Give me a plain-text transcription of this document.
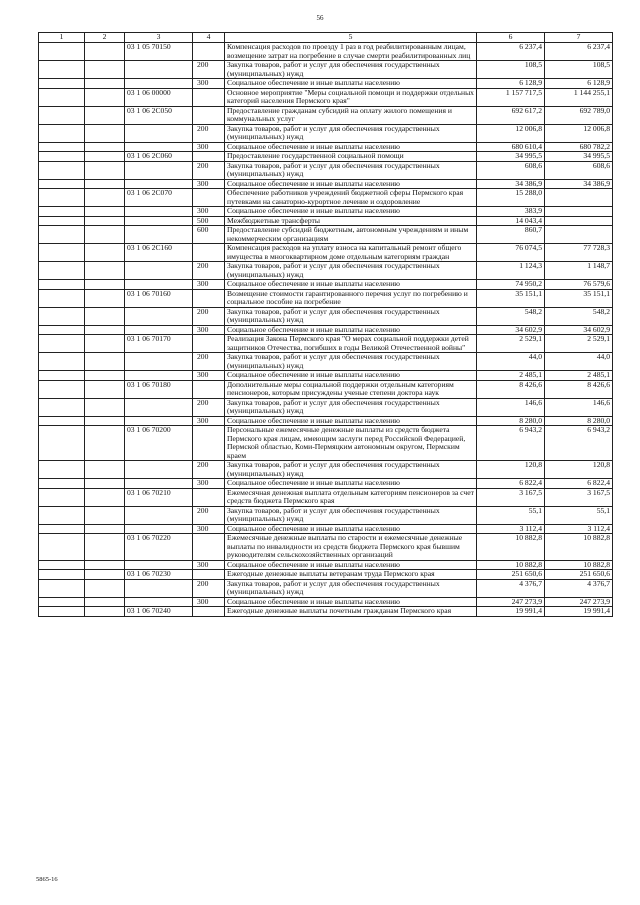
56
1	2	3	4	5	6	7
		03 1 05 70150		Компенсация расходов по проезду 1 раз в год реабилитированным лицам, возмещение затрат на погребение в случае смерти реабилитированных лиц	6 237,4	6 237,4
			200	Закупка товаров, работ и услуг для обеспечения государственных (муниципальных) нужд	108,5	108,5
			300	Социальное обеспечение и иные выплаты населению	6 128,9	6 128,9
		03 1 06 00000		Основное мероприятие "Меры социальной помощи и поддержки отдельных категорий населения Пермского края"	1 157 717,5	1 144 255,1
		03 1 06 2С050		Предоставление гражданам субсидий на оплату жилого помещения и коммунальных услуг	692 617,2	692 789,0
			200	Закупка товаров, работ и услуг для обеспечения государственных (муниципальных) нужд	12 006,8	12 006,8
			300	Социальное обеспечение и иные выплаты населению	680 610,4	680 782,2
		03 1 06 2С060		Предоставление государственной социальной помощи	34 995,5	34 995,5
			200	Закупка товаров, работ и услуг для обеспечения государственных (муниципальных) нужд	608,6	608,6
			300	Социальное обеспечение и иные выплаты населению	34 386,9	34 386,9
		03 1 06 2С070		Обеспечение работников учреждений бюджетной сферы Пермского края путевками на санаторно-курортное лечение и оздоровление	15 288,0	
			300	Социальное обеспечение и иные выплаты населению	383,9	
			500	Межбюджетные трансферты	14 043,4	
			600	Предоставление субсидий бюджетным, автономным учреждениям и иным некоммерческим организациям	860,7	
		03 1 06 2С160		Компенсация расходов на уплату взноса на капитальный ремонт общего имущества в многоквартирном доме отдельным категориям граждан	76 074,5	77 728,3
			200	Закупка товаров, работ и услуг для обеспечения государственных (муниципальных) нужд	1 124,3	1 148,7
			300	Социальное обеспечение и иные выплаты населению	74 950,2	76 579,6
		03 1 06 70160		Возмещение стоимости гарантированного перечня услуг по погребению и социальное пособие на погребение	35 151,1	35 151,1
			200	Закупка товаров, работ и услуг для обеспечения государственных (муниципальных) нужд	548,2	548,2
			300	Социальное обеспечение и иные выплаты населению	34 602,9	34 602,9
		03 1 06 70170		Реализация Закона Пермского края "О мерах социальной поддержки детей защитников Отечества, погибших в годы Великой Отечественной войны"	2 529,1	2 529,1
			200	Закупка товаров, работ и услуг для обеспечения государственных (муниципальных) нужд	44,0	44,0
			300	Социальное обеспечение и иные выплаты населению	2 485,1	2 485,1
		03 1 06 70180		Дополнительные меры социальной поддержки отдельным категориям пенсионеров, которым присуждены ученые степени доктора наук	8 426,6	8 426,6
			200	Закупка товаров, работ и услуг для обеспечения государственных (муниципальных) нужд	146,6	146,6
			300	Социальное обеспечение и иные выплаты населению	8 280,0	8 280,0
		03 1 06 70200		Персональные ежемесячные денежные выплаты из средств бюджета Пермского края лицам, имеющим заслуги перед Российской Федерацией, Пермской областью, Коми-Пермяцким автономным округом, Пермским краем	6 943,2	6 943,2
			200	Закупка товаров, работ и услуг для обеспечения государственных (муниципальных) нужд	120,8	120,8
			300	Социальное обеспечение и иные выплаты населению	6 822,4	6 822,4
		03 1 06 70210		Ежемесячная денежная выплата отдельным категориям пенсионеров за счет средств бюджета Пермского края	3 167,5	3 167,5
			200	Закупка товаров, работ и услуг для обеспечения государственных (муниципальных) нужд	55,1	55,1
			300	Социальное обеспечение и иные выплаты населению	3 112,4	3 112,4
		03 1 06 70220		Ежемесячные денежные выплаты по старости и ежемесячные денежные выплаты по инвалидности из средств бюджета Пермского края бывшим руководителям сельскохозяйственных организаций	10 882,8	10 882,8
			300	Социальное обеспечение и иные выплаты населению	10 882,8	10 882,8
		03 1 06 70230		Ежегодные денежные выплаты ветеранам труда Пермского края	251 650,6	251 650,6
			200	Закупка товаров, работ и услуг для обеспечения государственных (муниципальных) нужд	4 376,7	4 376,7
			300	Социальное обеспечение и иные выплаты населению	247 273,9	247 273,9
		03 1 06 70240		Ежегодные денежные выплаты почетным гражданам Пермского края	19 991,4	19 991,4
5865-16
